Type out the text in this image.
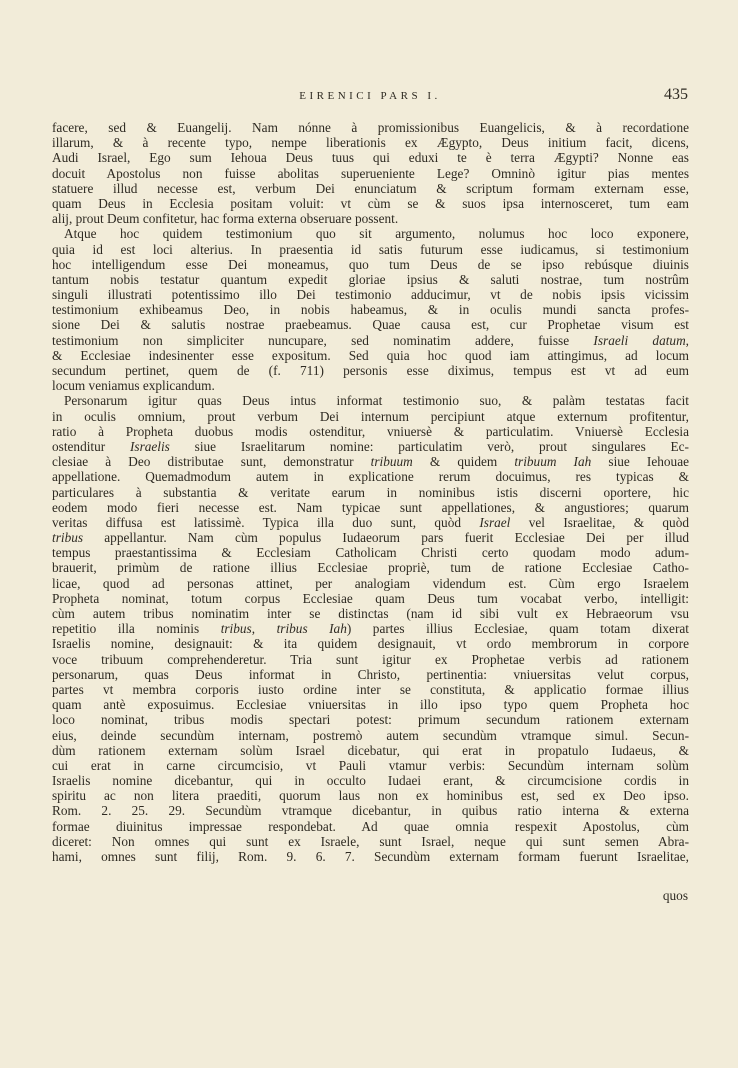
EIRENICI PARS I.	435
facere, sed & Euangelij. Nam nónne à promissionibus Euangelicis, & à recordatione
illarum, & à recente typo, nempe liberationis ex Ægypto, Deus initium facit, dicens,
Audi Israel, Ego sum Iehoua Deus tuus qui eduxi te è terra Ægypti? Nonne eas
docuit Apostolus non fuisse abolitas superueniente Lege? Omninò igitur pias mentes
statuere illud necesse est, verbum Dei enunciatum & scriptum formam externam esse,
quam Deus in Ecclesia positam voluit: vt cùm se & suos ipsa internosceret, tum eam
alij, prout Deum confitetur, hac forma externa obseruare possent.
Atque hoc quidem testimonium quo sit argumento, nolumus hoc loco exponere,
quia id est loci alterius. In praesentia id satis futurum esse iudicamus, si testimonium
hoc intelligendum esse Dei moneamus, quo tum Deus de se ipso rebúsque diuinis
tantum nobis testatur quantum expedit gloriae ipsius & saluti nostrae, tum nostrûm
singuli illustrati potentissimo illo Dei testimonio adducimur, vt de nobis ipsis vicissim
testimonium exhibeamus Deo, in nobis habeamus, & in oculis mundi sancta profes-
sione Dei & salutis nostrae praebeamus. Quae causa est, cur Prophetae visum est
testimonium non simpliciter nuncupare, sed nominatim addere, fuisse Israeli datum,
& Ecclesiae indesinenter esse expositum. Sed quia hoc quod iam attingimus, ad locum
secundum pertinet, quem de (f. 711) personis esse diximus, tempus est vt ad eum
locum veniamus explicandum.
Personarum igitur quas Deus intus informat testimonio suo, & palàm testatas facit
in oculis omnium, prout verbum Dei internum percipiunt atque externum profitentur,
ratio à Propheta duobus modis ostenditur, vniuersè & particulatim. Vniuersè Ecclesia
ostenditur Israelis siue Israelitarum nomine: particulatim verò, prout singulares Ec-
clesiae à Deo distributae sunt, demonstratur tribuum & quidem tribuum Iah siue Iehouae
appellatione. Quemadmodum autem in explicatione rerum docuimus, res typicas &
particulares à substantia & veritate earum in nominibus istis discerni oportere, hic
eodem modo fieri necesse est. Nam typicae sunt appellationes, & angustiores; quarum
veritas diffusa est latissimè. Typica illa duo sunt, quòd Israel vel Israelitae, & quòd
tribus appellantur. Nam cùm populus Iudaeorum pars fuerit Ecclesiae Dei per illud
tempus praestantissima & Ecclesiam Catholicam Christi certo quodam modo adum-
brauerit, primùm de ratione illius Ecclesiae propriè, tum de ratione Ecclesiae Catho-
licae, quod ad personas attinet, per analogiam videndum est. Cùm ergo Israelem
Propheta nominat, totum corpus Ecclesiae quam Deus tum vocabat verbo, intelligit:
cùm autem tribus nominatim inter se distinctas (nam id sibi vult ex Hebraeorum vsu
repetitio illa nominis tribus, tribus Iah) partes illius Ecclesiae, quam totam dixerat
Israelis nomine, designauit: & ita quidem designauit, vt ordo membrorum in corpore
voce tribuum comprehenderetur. Tria sunt igitur ex Prophetae verbis ad rationem
personarum, quas Deus informat in Christo, pertinentia: vniuersitas velut corpus,
partes vt membra corporis iusto ordine inter se constituta, & applicatio formae illius
quam antè exposuimus. Ecclesiae vniuersitas in illo ipso typo quem Propheta hoc
loco nominat, tribus modis spectari potest: primum secundum rationem externam
eius, deinde secundùm internam, postremò autem secundùm vtramque simul. Secun-
dùm rationem externam solùm Israel dicebatur, qui erat in propatulo Iudaeus, &
cui erat in carne circumcisio, vt Pauli vtamur verbis: Secundùm internam solùm
Israelis nomine dicebantur, qui in occulto Iudaei erant, & circumcisione cordis in
spiritu ac non litera praediti, quorum laus non ex hominibus est, sed ex Deo ipso.
Rom. 2. 25. 29. Secundùm vtramque dicebantur, in quibus ratio interna & externa
formae diuinitus impressae respondebat. Ad quae omnia respexit Apostolus, cùm
diceret: Non omnes qui sunt ex Israele, sunt Israel, neque qui sunt semen Abra-
hami, omnes sunt filij, Rom. 9. 6. 7. Secundùm externam formam fuerunt Israelitae,
quos
